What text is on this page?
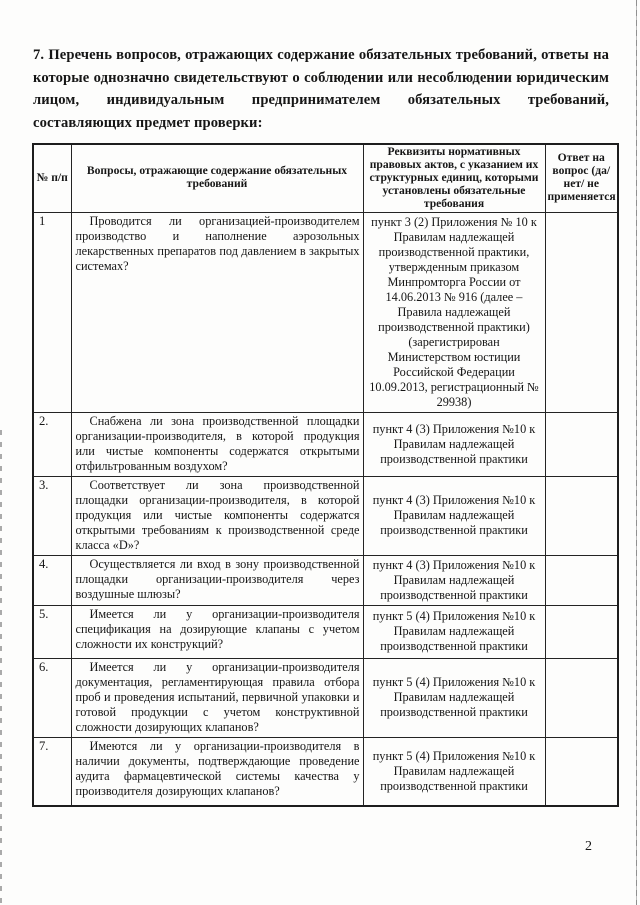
7. Перечень вопросов, отражающих содержание обязательных требований, ответы на которые однозначно свидетельствуют о соблюдении или несоблюдении юридическим лицом, индивидуальным предпринимателем обязательных требований, составляющих предмет проверки:

№ п/п	Вопросы, отражающие содержание обязательных требований	Реквизиты нормативных правовых актов, с указанием их структурных единиц, которыми установлены обязательные требования	Ответ на вопрос (да/нет/ не применяется
1	Проводится ли организацией-производителем производство и наполнение аэрозольных лекарственных препаратов под давлением в закрытых системах?	пункт 3 (2) Приложения № 10 к Правилам надлежащей производственной практики, утвержденным приказом Минпромторга России от 14.06.2013 № 916 (далее – Правила надлежащей производственной практики) (зарегистрирован Министерством юстиции Российской Федерации 10.09.2013, регистрационный № 29938)	
2.	Снабжена ли зона производственной площадки организации-производителя, в которой продукция или чистые компоненты содержатся открытыми отфильтрованным воздухом?	пункт 4 (3) Приложения №10 к Правилам надлежащей производственной практики	
3.	Соответствует ли зона производственной площадки организации-производителя, в которой продукция или чистые компоненты содержатся открытыми требованиям к производственной среде класса «D»?	пункт 4 (3) Приложения №10 к Правилам надлежащей производственной практики	
4.	Осуществляется ли вход в зону производственной площадки организации-производителя через воздушные шлюзы?	пункт 4 (3) Приложения №10 к Правилам надлежащей производственной практики	
5.	Имеется ли у организации-производителя спецификация на дозирующие клапаны с учетом сложности их конструкций?	пункт 5 (4) Приложения №10 к Правилам надлежащей производственной практики	
6.	Имеется ли у организации-производителя документация, регламентирующая правила отбора проб и проведения испытаний, первичной упаковки и готовой продукции с учетом конструктивной сложности дозирующих клапанов?	пункт 5 (4) Приложения №10 к Правилам надлежащей производственной практики	
7.	Имеются ли у организации-производителя в наличии документы, подтверждающие проведение аудита фармацевтической системы качества у производителя дозирующих клапанов?	пункт 5 (4) Приложения №10 к Правилам надлежащей производственной практики	
2
